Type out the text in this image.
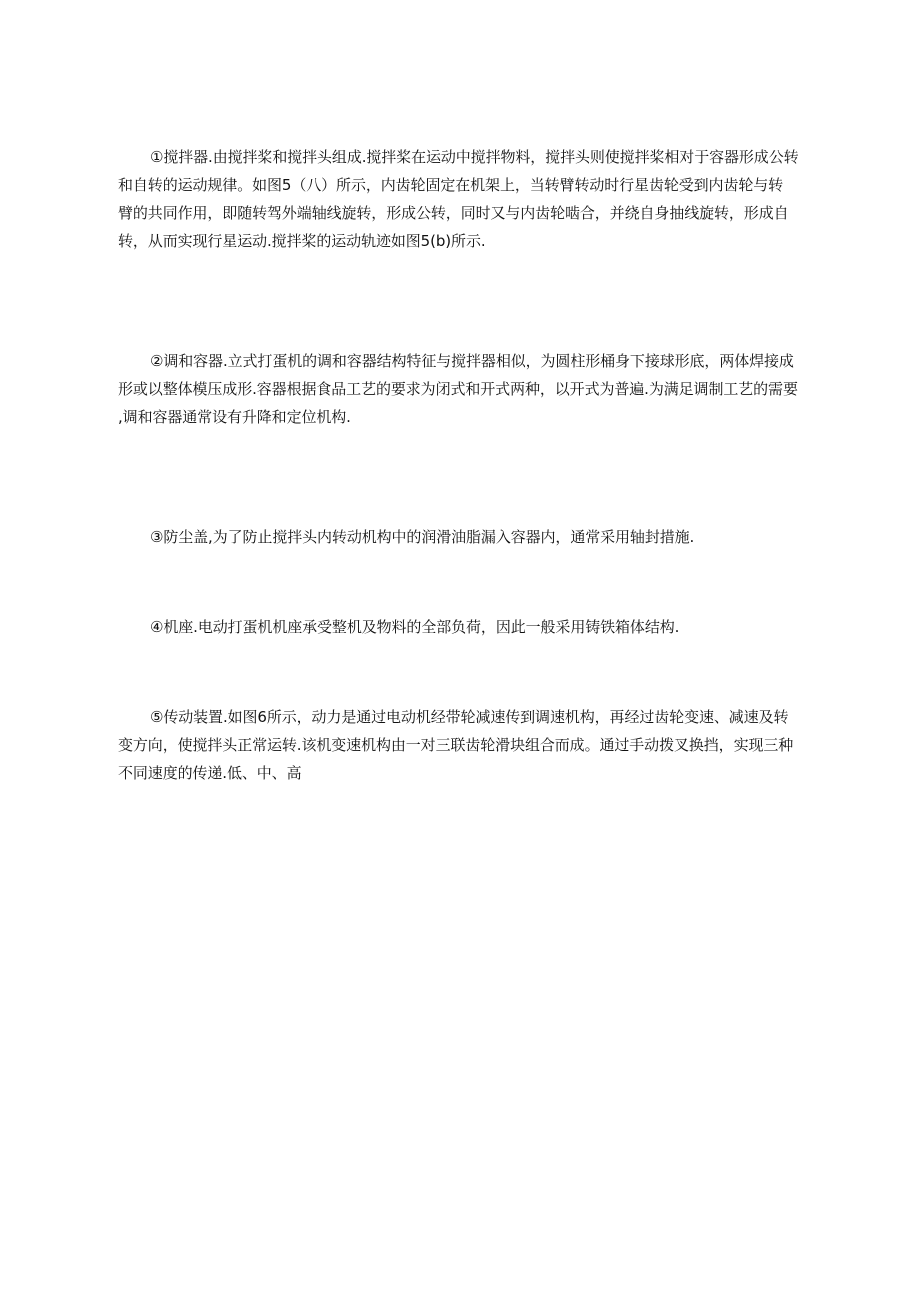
①搅拌器.由搅拌桨和搅拌头组成.搅拌桨在运动中搅拌物料，搅拌头则使搅拌桨相对于容器形成公转
和自转的运动规律。如图5（八）所示，内齿轮固定在机架上，当转臂转动时行星齿轮受到内齿轮与转
臂的共同作用，即随转驾外端轴线旋转，形成公转，同时又与内齿轮啮合，并绕自身抽线旋转，形成自
转，从而实现行星运动.搅拌桨的运动轨迹如图5(b)所示.
②调和容器.立式打蛋机的调和容器结构特征与搅拌器相似，为圆柱形桶身下接球形底，两体焊接成
形或以整体模压成形.容器根据食品工艺的要求为闭式和开式两种，以开式为普遍.为满足调制工艺的需要
,调和容器通常设有升降和定位机构.
③防尘盖,为了防止搅拌头内转动机构中的润滑油脂漏入容器内，通常采用轴封措施.
④机座.电动打蛋机机座承受整机及物料的全部负荷，因此一般采用铸铁箱体结构.
⑤传动装置.如图6所示，动力是通过电动机经带轮减速传到调速机构，再经过齿轮变速、减速及转
变方向，使搅拌头正常运转.该机变速机构由一对三联齿轮滑块组合而成。通过手动拨叉换挡，实现三种
不同速度的传递.低、中、高
